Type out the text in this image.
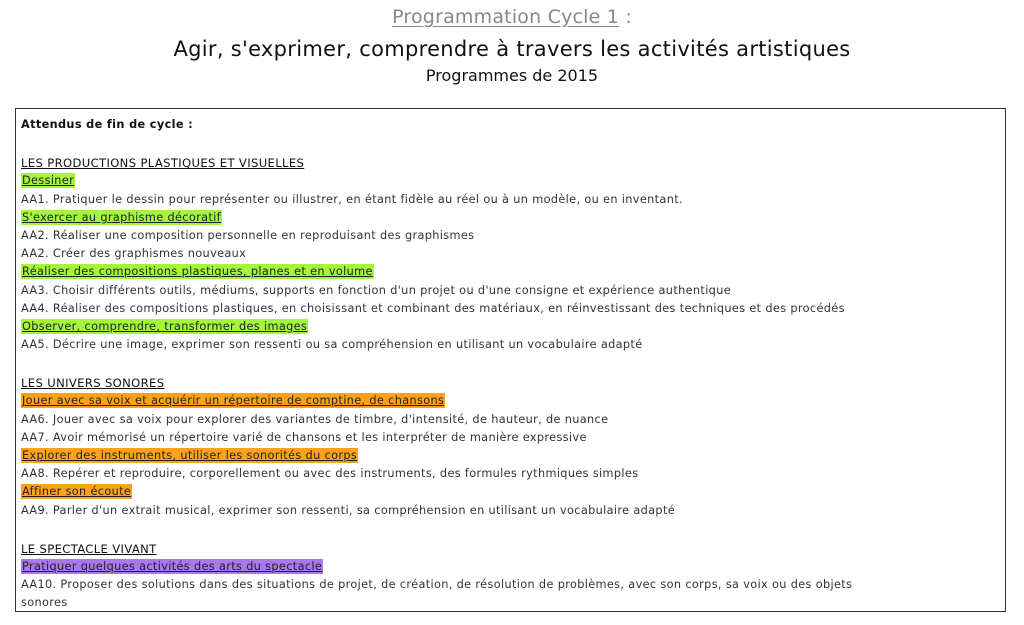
Programmation Cycle 1 :
Agir, s'exprimer, comprendre à travers les activités artistiques
Programmes de 2015
Attendus de fin de cycle :
LES PRODUCTIONS PLASTIQUES ET VISUELLES
Dessiner
AA1. Pratiquer le dessin pour représenter ou illustrer, en étant fidèle au réel ou à un modèle, ou en inventant.
S'exercer au graphisme décoratif
AA2. Réaliser une composition personnelle en reproduisant des graphismes
AA2. Créer des graphismes nouveaux
Réaliser des compositions plastiques, planes et en volume
AA3. Choisir différents outils, médiums, supports en fonction d'un projet ou d'une consigne et expérience authentique
AA4. Réaliser des compositions plastiques, en choisissant et combinant des matériaux, en réinvestissant des techniques et des procédés
Observer, comprendre, transformer des images
AA5. Décrire une image, exprimer son ressenti ou sa compréhension en utilisant un vocabulaire adapté
LES UNIVERS SONORES
Jouer avec sa voix et acquérir un répertoire de comptine, de chansons
AA6. Jouer avec sa voix pour explorer des variantes de timbre, d'intensité, de hauteur, de nuance
AA7. Avoir mémorisé un répertoire varié de chansons et les interpréter de manière expressive
Explorer des instruments, utiliser les sonorités du corps
AA8. Repérer et reproduire, corporellement ou avec des instruments, des formules rythmiques simples
Affiner son écoute
AA9. Parler d'un extrait musical, exprimer son ressenti, sa compréhension en utilisant un vocabulaire adapté
LE SPECTACLE VIVANT
Pratiquer quelques activités des arts du spectacle
AA10. Proposer des solutions dans des situations de projet, de création, de résolution de problèmes, avec son corps, sa voix ou des objets
sonores
